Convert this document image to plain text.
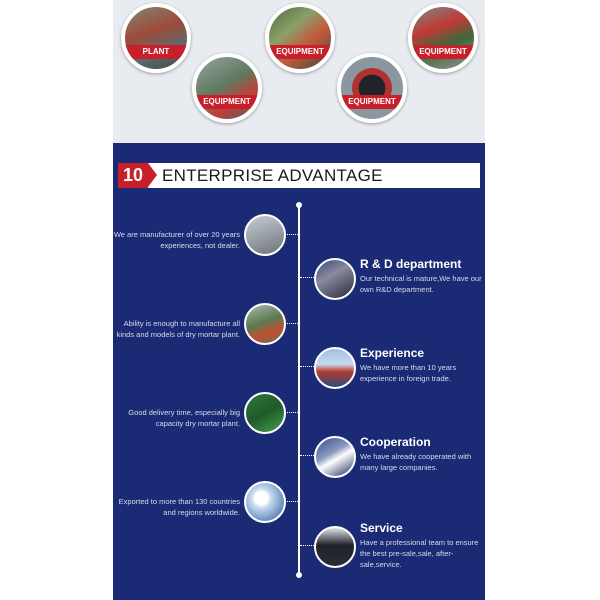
PLANT
EQUIPMENT
EQUIPMENT
EQUIPMENT
EQUIPMENT
10 ENTERPRISE ADVANTAGE
We are manufacturer of over 20 years experiences, not dealer.
Ability is enough to manufacture all kinds and models of dry mortar plant.
Good delivery time, especially big capacity dry mortar plant.
Exported to more than 130 countries and regions worldwide.
R & D department
Our technical is mature,We have our own R&D department.
Experience
We have more than 10 years experience in foreign trade.
Cooperation
We have already cooperated with many large companies.
Service
Have a professional team to ensure the best pre-sale,sale, after-sale,service.
